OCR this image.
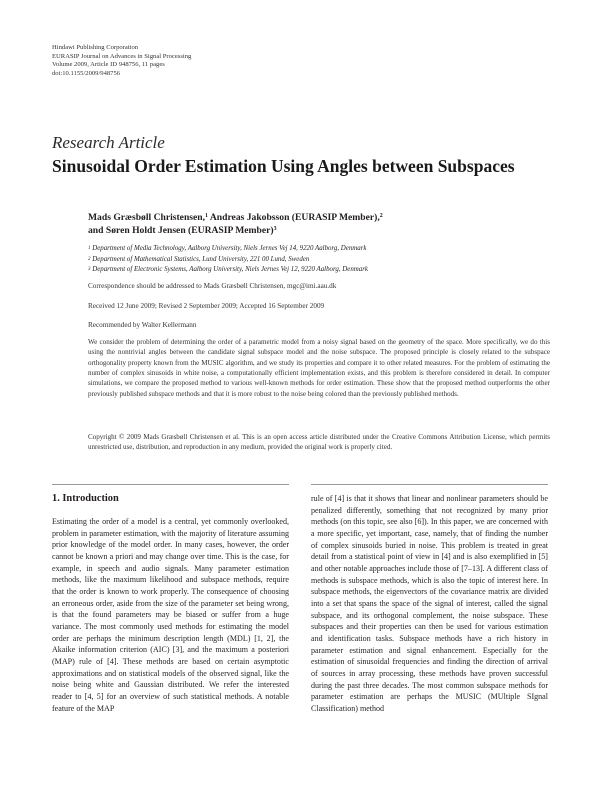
Hindawi Publishing Corporation
EURASIP Journal on Advances in Signal Processing
Volume 2009, Article ID 948756, 11 pages
doi:10.1155/2009/948756
Research Article
Sinusoidal Order Estimation Using Angles between Subspaces
Mads Græsbøll Christensen,$^1$ Andreas Jakobsson (EURASIP Member),$^2$
and Søren Holdt Jensen (EURASIP Member)$^3$
$^1$ Department of Media Technology, Aalborg University, Niels Jernes Vej 14, 9220 Aalborg, Denmark
$^2$ Department of Mathematical Statistics, Lund University, 221 00 Lund, Sweden
$^3$ Department of Electronic Systems, Aalborg University, Niels Jernes Vej 12, 9220 Aalborg, Denmark
Correspondence should be addressed to Mads Græsbøll Christensen, mgc@imi.aau.dk
Received 12 June 2009; Revised 2 September 2009; Accepted 16 September 2009
Recommended by Walter Kellermann
We consider the problem of determining the order of a parametric model from a noisy signal based on the geometry of the space. More specifically, we do this using the nontrivial angles between the candidate signal subspace model and the noise subspace. The proposed principle is closely related to the subspace orthogonality property known from the MUSIC algorithm, and we study its properties and compare it to other related measures. For the problem of estimating the number of complex sinusoids in white noise, a computationally efficient implementation exists, and this problem is therefore considered in detail. In computer simulations, we compare the proposed method to various well-known methods for order estimation. These show that the proposed method outperforms the other previously published subspace methods and that it is more robust to the noise being colored than the previously published methods.
Copyright © 2009 Mads Græsbøll Christensen et al. This is an open access article distributed under the Creative Commons Attribution License, which permits unrestricted use, distribution, and reproduction in any medium, provided the original work is properly cited.
1. Introduction
Estimating the order of a model is a central, yet commonly overlooked, problem in parameter estimation, with the majority of literature assuming prior knowledge of the model order. In many cases, however, the order cannot be known a priori and may change over time. This is the case, for example, in speech and audio signals. Many parameter estimation methods, like the maximum likelihood and subspace methods, require that the order is known to work properly. The consequence of choosing an erroneous order, aside from the size of the parameter set being wrong, is that the found parameters may be biased or suffer from a huge variance. The most commonly used methods for estimating the model order are perhaps the minimum description length (MDL) [1, 2], the Akaike information criterion (AIC) [3], and the maximum a posteriori (MAP) rule of [4]. These methods are based on certain asymptotic approximations and on statistical models of the observed signal, like the noise being white and Gaussian distributed. We refer the interested reader to [4, 5] for an overview of such statistical methods. A notable feature of the MAP
rule of [4] is that it shows that linear and nonlinear parameters should be penalized differently, something that not recognized by many prior methods (on this topic, see also [6]). In this paper, we are concerned with a more specific, yet important, case, namely, that of finding the number of complex sinusoids buried in noise. This problem is treated in great detail from a statistical point of view in [4] and is also exemplified in [5] and other notable approaches include those of [7–13]. A different class of methods is subspace methods, which is also the topic of interest here. In subspace methods, the eigenvectors of the covariance matrix are divided into a set that spans the space of the signal of interest, called the signal subspace, and its orthogonal complement, the noise subspace. These subspaces and their properties can then be used for various estimation and identification tasks. Subspace methods have a rich history in parameter estimation and signal enhancement. Especially for the estimation of sinusoidal frequencies and finding the direction of arrival of sources in array processing, these methods have proven successful during the past three decades. The most common subspace methods for parameter estimation are perhaps the MUSIC (MUltiple SIgnal Classification) method
